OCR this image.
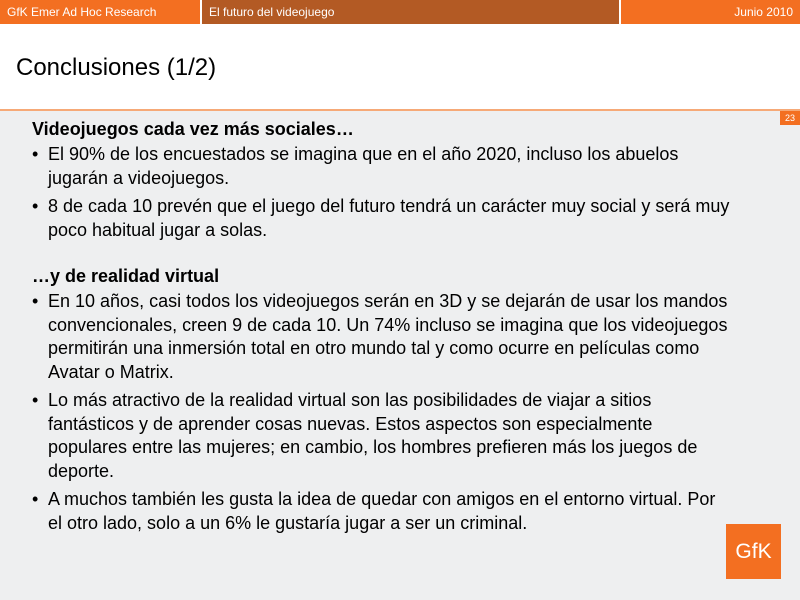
GfK Emer Ad Hoc Research	El futuro del videojuego	Junio 2010
Conclusiones (1/2)
23
Videojuegos cada vez más sociales…
• El 90% de los encuestados se imagina que en el año 2020, incluso los abuelos jugarán a videojuegos.
• 8 de cada 10 prevén que el juego del futuro tendrá un carácter muy social y será muy poco habitual jugar a solas.
…y de realidad virtual
• En 10 años, casi todos los videojuegos serán en 3D y se dejarán de usar los mandos convencionales, creen 9 de cada 10. Un 74% incluso se imagina que los videojuegos permitirán una inmersión total en otro mundo tal y como ocurre en películas como Avatar o Matrix.
• Lo más atractivo de la realidad virtual son las posibilidades de viajar a sitios fantásticos y de aprender cosas nuevas. Estos aspectos son especialmente populares entre las mujeres; en cambio, los hombres prefieren más los juegos de deporte.
• A muchos también les gusta la idea de quedar con amigos en el entorno virtual. Por el otro lado, solo a un 6% le gustaría jugar a ser un criminal.
GfK
